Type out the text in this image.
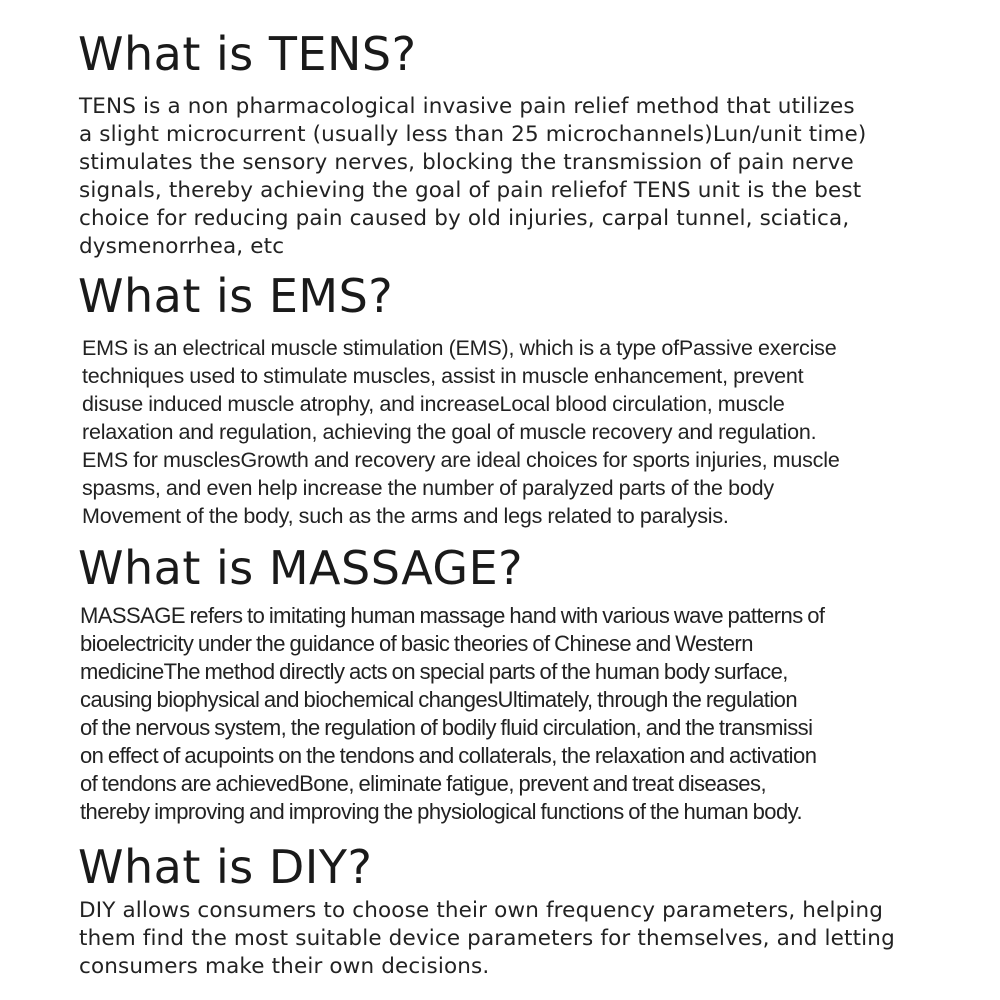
What is TENS?

TENS is a non pharmacological invasive pain relief method that utilizes
a slight microcurrent (usually less than 25 microchannels)Lun/unit time)
stimulates the sensory nerves, blocking the transmission of pain nerve
signals, thereby achieving the goal of pain reliefof TENS unit is the best
choice for reducing pain caused by old injuries, carpal tunnel, sciatica,
dysmenorrhea, etc

What is EMS?

EMS is an electrical muscle stimulation (EMS), which is a type ofPassive exercise
techniques used to stimulate muscles, assist in muscle enhancement, prevent
disuse induced muscle atrophy, and increaseLocal blood circulation, muscle
relaxation and regulation, achieving the goal of muscle recovery and regulation.
EMS for musclesGrowth and recovery are ideal choices for sports injuries, muscle
spasms, and even help increase the number of paralyzed parts of the body
Movement of the body, such as the arms and legs related to paralysis.

What is MASSAGE?

MASSAGE refers to imitating human massage hand with various wave patterns of
bioelectricity under the guidance of basic theories of Chinese and Western
medicineThe method directly acts on special parts of the human body surface,
causing biophysical and biochemical changesUltimately, through the regulation
of the nervous system, the regulation of bodily fluid circulation, and the transmissi
on effect of acupoints on the tendons and collaterals, the relaxation and activation
of tendons are achievedBone, eliminate fatigue, prevent and treat diseases,
thereby improving and improving the physiological functions of the human body.

What is DIY?

DIY allows consumers to choose their own frequency parameters, helping
them find the most suitable device parameters for themselves, and letting
consumers make their own decisions.
